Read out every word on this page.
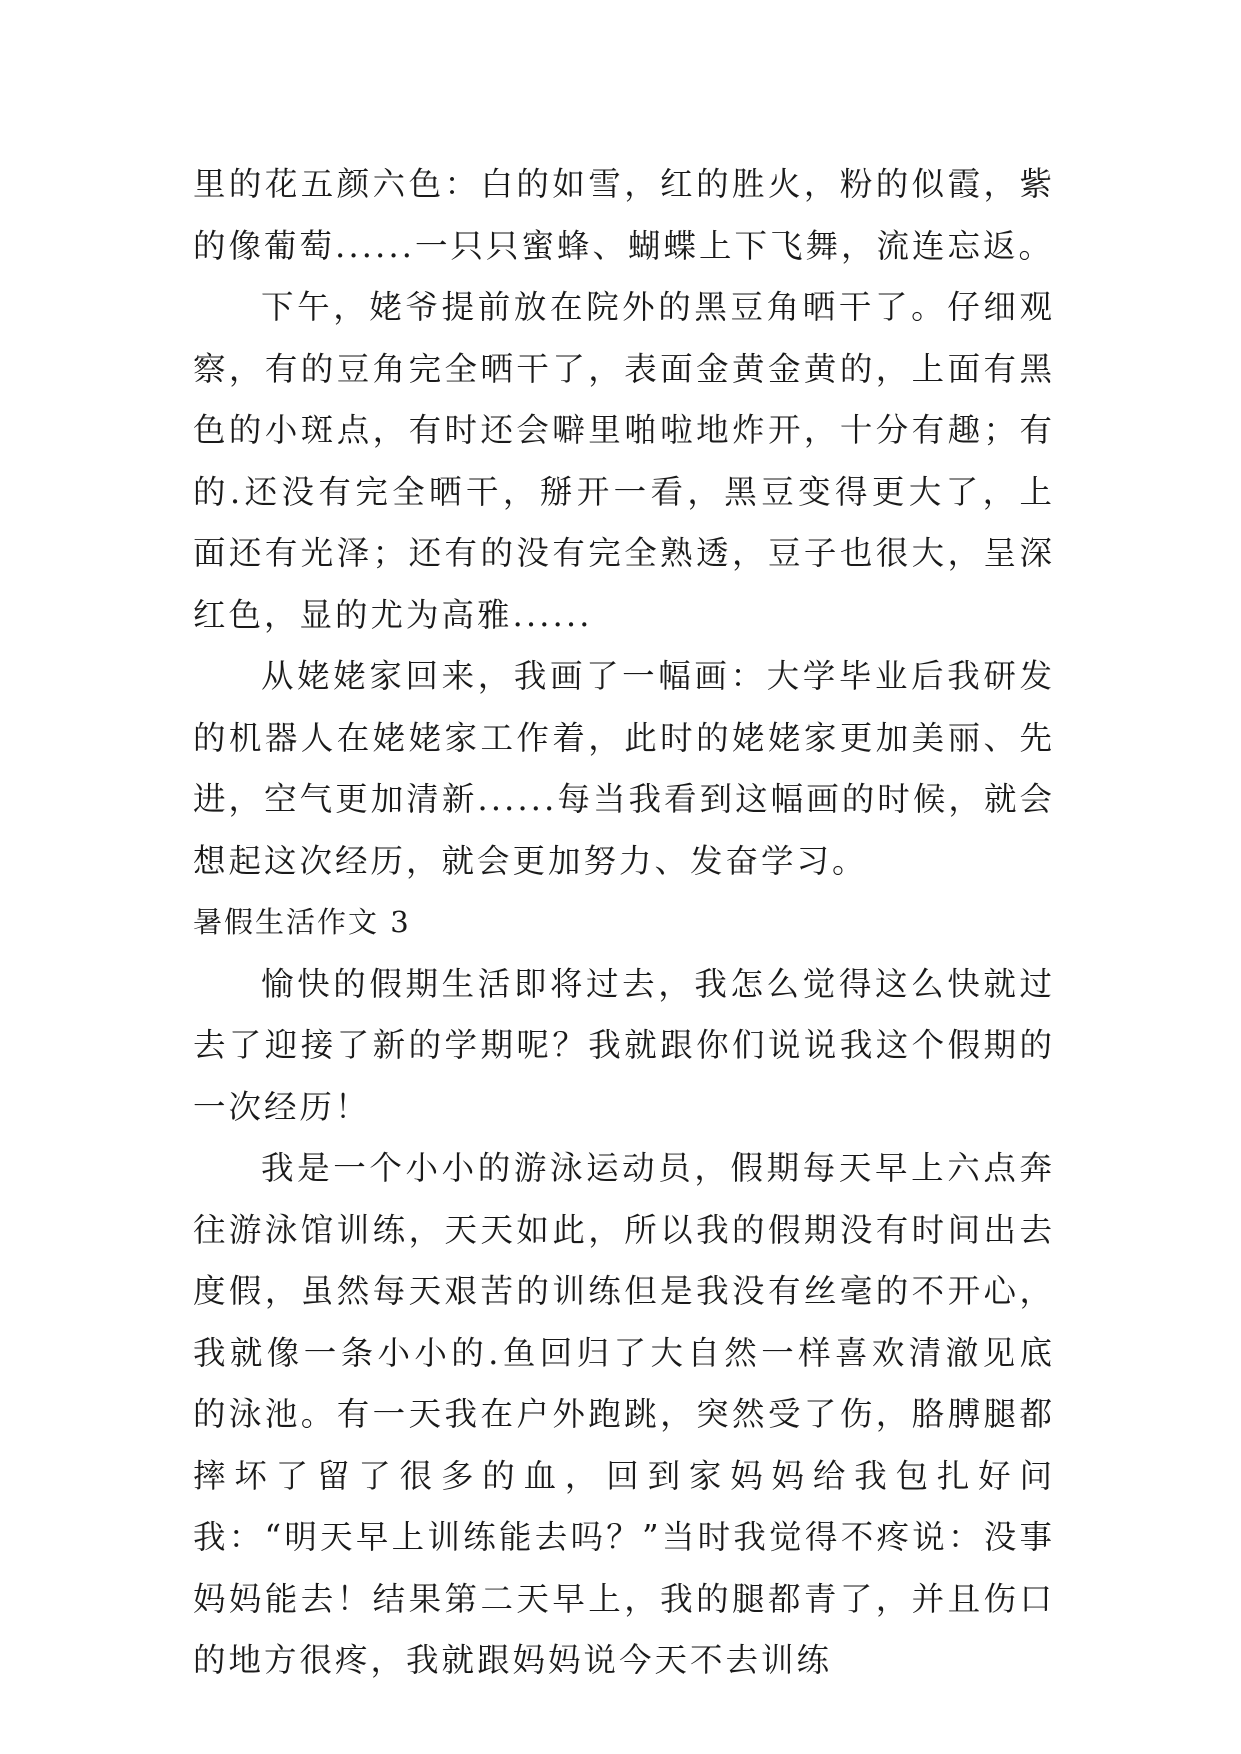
里的花五颜六色：白的如雪，红的胜火，粉的似霞，紫的像葡萄......一只只蜜蜂、蝴蝶上下飞舞，流连忘返。

下午，姥爷提前放在院外的黑豆角晒干了。仔细观察，有的豆角完全晒干了，表面金黄金黄的，上面有黑色的小斑点，有时还会噼里啪啦地炸开，十分有趣；有的.还没有完全晒干，掰开一看，黑豆变得更大了，上面还有光泽；还有的没有完全熟透，豆子也很大，呈深红色，显的尤为高雅......

从姥姥家回来，我画了一幅画：大学毕业后我研发的机器人在姥姥家工作着，此时的姥姥家更加美丽、先进，空气更加清新......每当我看到这幅画的时候，就会想起这次经历，就会更加努力、发奋学习。

暑假生活作文 3

愉快的假期生活即将过去，我怎么觉得这么快就过去了迎接了新的学期呢？我就跟你们说说我这个假期的一次经历！

我是一个小小的游泳运动员，假期每天早上六点奔往游泳馆训练，天天如此，所以我的假期没有时间出去度假，虽然每天艰苦的训练但是我没有丝毫的不开心，我就像一条小小的.鱼回归了大自然一样喜欢清澈见底的泳池。有一天我在户外跑跳，突然受了伤，胳膊腿都摔坏了留了很多的血，回到家妈妈给我包扎好问我：“明天早上训练能去吗？”当时我觉得不疼说：没事妈妈能去！结果第二天早上，我的腿都青了，并且伤口的地方很疼，我就跟妈妈说今天不去训练
